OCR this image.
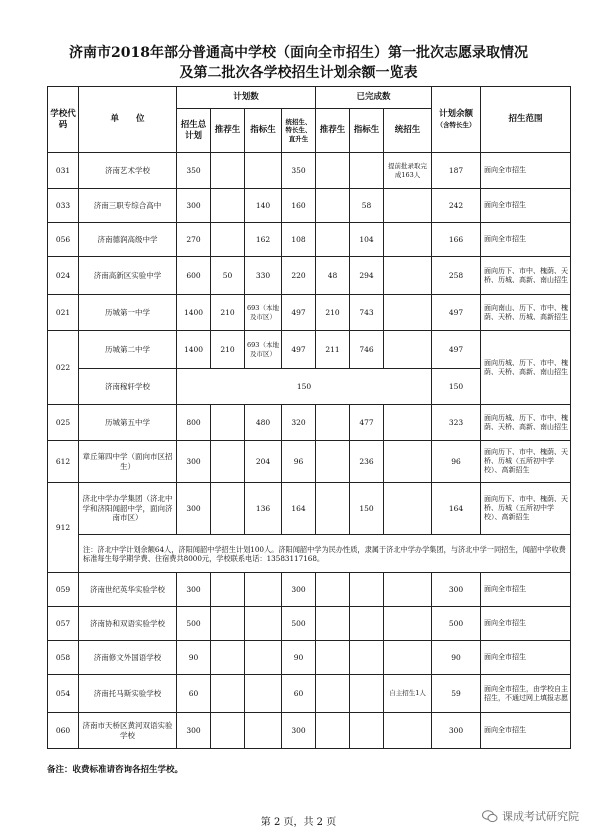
济南市2018年部分普通高中学校（面向全市招生）第一批次志愿录取情况
及第二批次各学校招生计划余额一览表
学校代码	单　　位	计划数				已完成数			计划余额
（含特长生）	招生范围
		招生总计划	推荐生	指标生	统招生、特长生、直升生	推荐生	指标生	统招生		
031	济南艺术学校	350			350			提前批录取完成163人	187	面向全市招生
033	济南三职专综合高中	300		140	160		58		242	面向全市招生
056	济南德润高级中学	270		162	108		104		166	面向全市招生
024	济南高新区实验中学	600	50	330	220	48	294		258	面向历下、市中、槐荫、天桥、历城、高新、南山招生
021	历城第一中学	1400	210	693（本地及市区）	497	210	743		497	面向南山、历下、市中、槐荫、天桥、历城、高新招生
022	历城第二中学	1400	210	693（本地及市区）	497	211	746		497	面向历城、历下、市中、槐荫、天桥、高新、南山招生
	济南稼轩学校	150							150	
025	历城第五中学	800		480	320		477		323	面向历城、历下、市中、槐荫、天桥、高新、南山招生
612	章丘第四中学（面向市区招生）	300		204	96		236		96	面向历下、市中、槐荫、天桥、历城（五所初中学校）、高新招生
912	济北中学办学集团（济北中学和济阳闻韶中学，面向济南市区）	300		136	164		150		164	面向历下、市中、槐荫、天桥、历城（五所初中学校）、高新招生
	注：济北中学计划余额64人，济阳闻韶中学招生计划100人。济阳闻韶中学为民办性质，隶属于济北中学办学集团，与济北中学一同招生，闻韶中学收费标准每生每学期学费、住宿费共8000元，学校联系电话：13583117168。									
059	济南世纪英华实验学校	300			300				300	面向全市招生
057	济南协和双语实验学校	500			500				500	面向全市招生
058	济南修文外国语学校	90			90				90	面向全市招生
054	济南托马斯实验学校	60			60			自主招生1人	59	面向全市招生，由学校自主招生，不通过网上填报志愿
060	济南市天桥区黄河双语实验学校	300			300				300	面向全市招生
备注：收费标准请咨询各招生学校。
第 2 页，共 2 页	课成考试研究院
